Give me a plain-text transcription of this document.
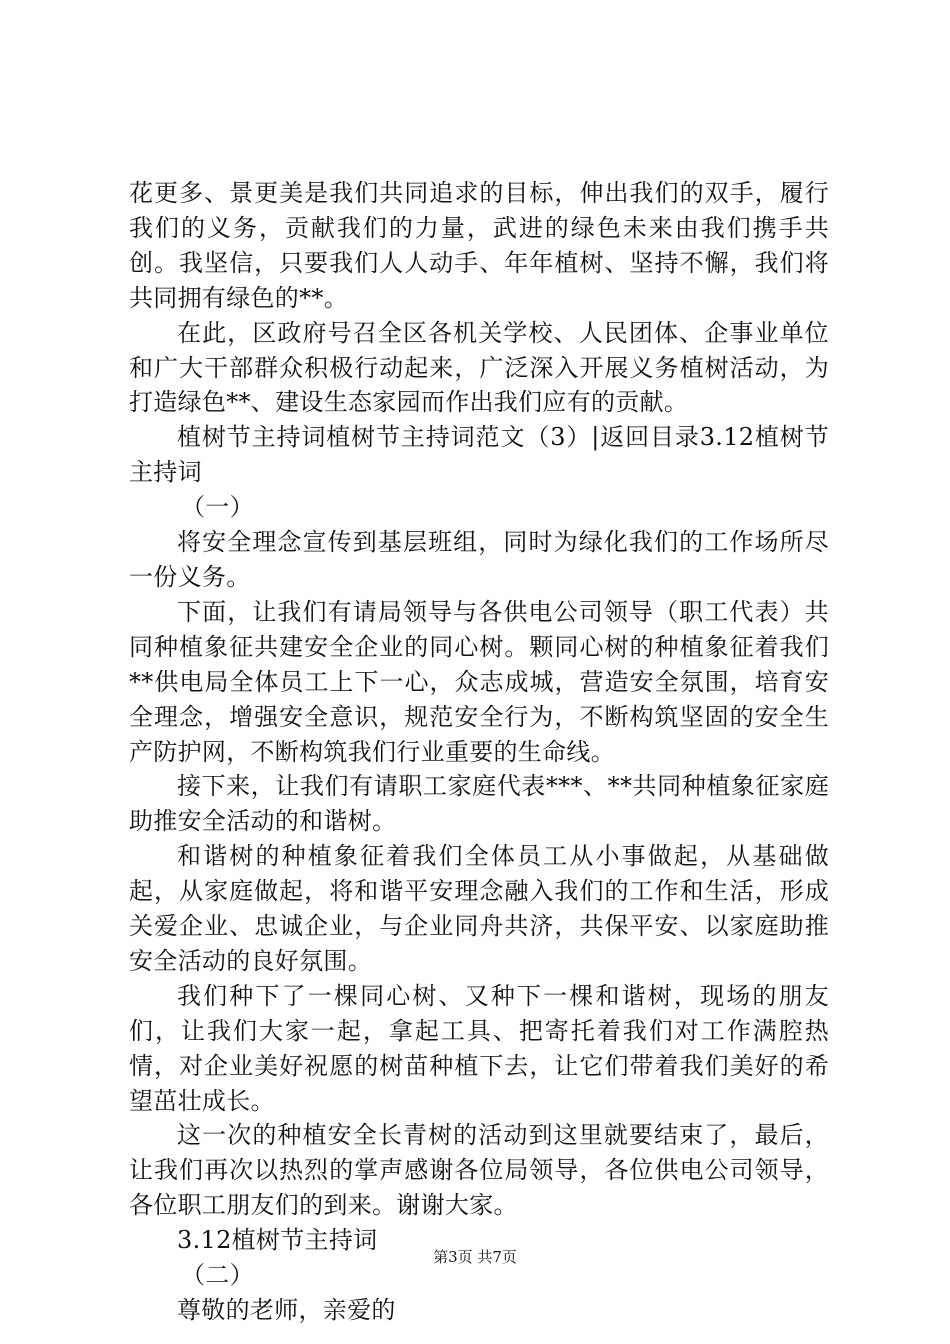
花更多、景更美是我们共同追求的目标，伸出我们的双手，履行我们的义务，贡献我们的力量，武进的绿色未来由我们携手共创。我坚信，只要我们人人动手、年年植树、坚持不懈，我们将共同拥有绿色的**。

在此，区政府号召全区各机关学校、人民团体、企事业单位和广大干部群众积极行动起来，广泛深入开展义务植树活动，为打造绿色**、建设生态家园而作出我们应有的贡献。

植树节主持词植树节主持词范文（3）|返回目录3.12植树节主持词

（一）

将安全理念宣传到基层班组，同时为绿化我们的工作场所尽一份义务。

下面，让我们有请局领导与各供电公司领导（职工代表）共同种植象征共建安全企业的同心树。颗同心树的种植象征着我们**供电局全体员工上下一心，众志成城，营造安全氛围，培育安全理念，增强安全意识，规范安全行为，不断构筑坚固的安全生产防护网，不断构筑我们行业重要的生命线。

接下来，让我们有请职工家庭代表***、**共同种植象征家庭助推安全活动的和谐树。

和谐树的种植象征着我们全体员工从小事做起，从基础做起，从家庭做起，将和谐平安理念融入我们的工作和生活，形成关爱企业、忠诚企业，与企业同舟共济，共保平安、以家庭助推安全活动的良好氛围。

我们种下了一棵同心树、又种下一棵和谐树，现场的朋友们，让我们大家一起，拿起工具、把寄托着我们对工作满腔热情，对企业美好祝愿的树苗种植下去，让它们带着我们美好的希望茁壮成长。

这一次的种植安全长青树的活动到这里就要结束了，最后，让我们再次以热烈的掌声感谢各位局领导，各位供电公司领导，各位职工朋友们的到来。谢谢大家。

3.12植树节主持词

（二）

尊敬的老师，亲爱的

第3页 共7页
